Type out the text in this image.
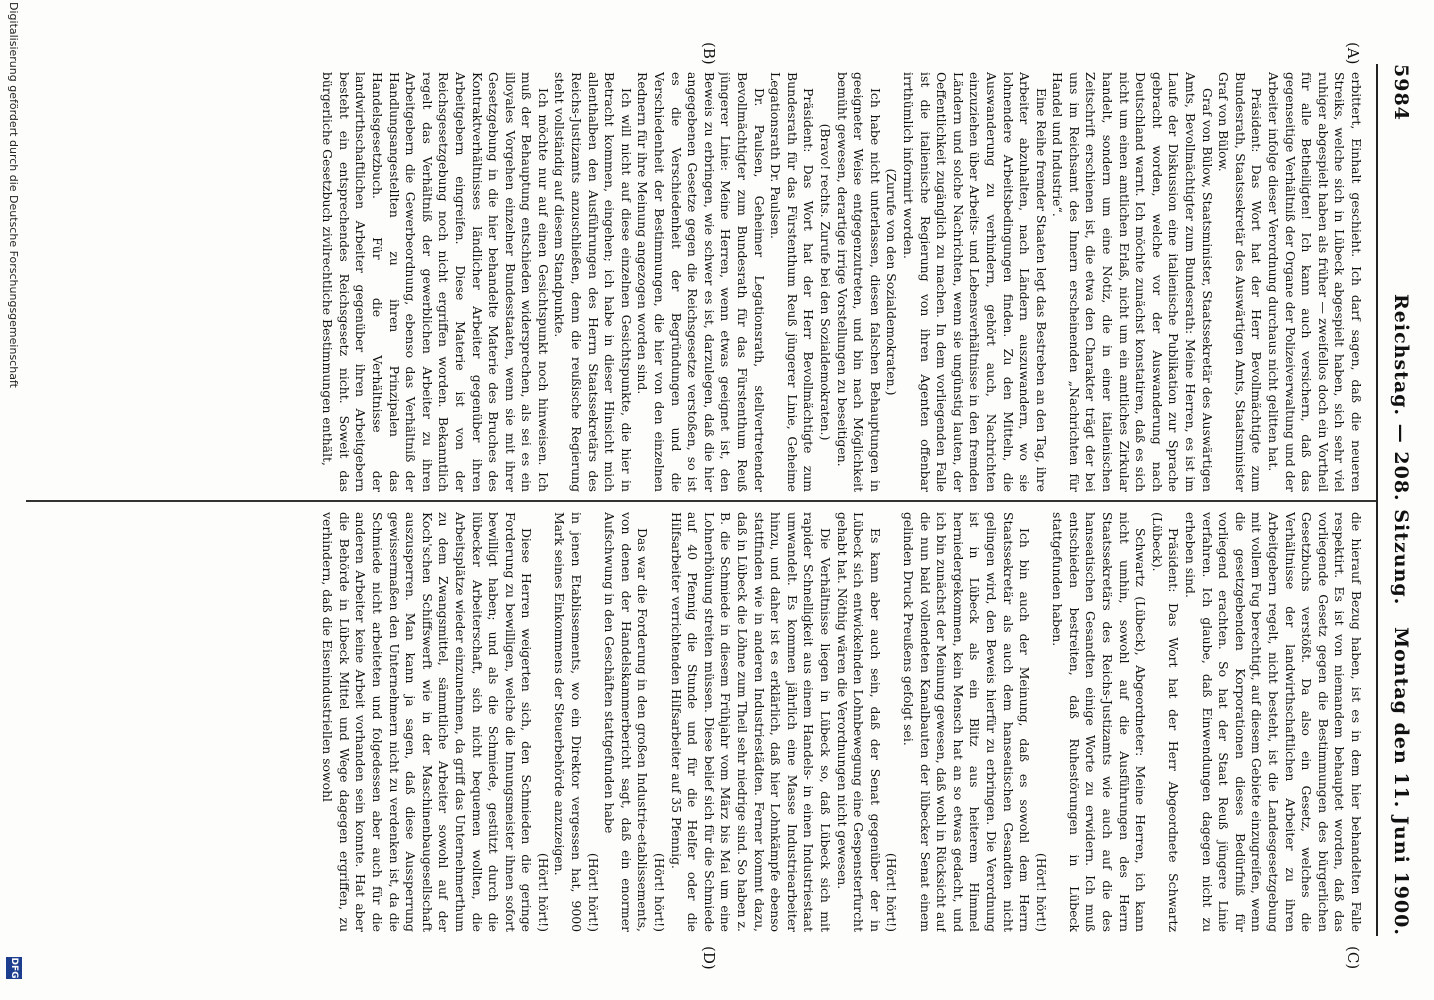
5984
Reichstag. — 208. Sitzung.
Montag den 11. Juni 1900.
(A)
(B)
(C)
(D)

erbittert, Einhalt geschieht. Ich darf sagen, daß die neueren Streiks, welche sich in Lübeck abgespielt haben, sich sehr viel ruhiger abgespielt haben als früher — zweifellos doch ein Vortheil für alle Betheiligten! Ich kann auch versichern, daß das gegenseitige Verhältniß der Organe der Polizeiverwaltung und der Arbeiter infolge dieser Verordnung durchaus nicht gelitten hat.

Präsident: Das Wort hat der Herr Bevollmächtigte zum Bundesrath, Staatssekretär des Auswärtigen Amts, Staatsminister Graf von Bülow.

Graf von Bülow, Staatsminister, Staatssekretär des Auswärtigen Amts, Bevollmächtigter zum Bundesrath: Meine Herren, es ist im Laufe der Diskussion eine italienische Publikation zur Sprache gebracht worden, welche vor der Auswanderung nach Deutschland warnt. Ich möchte zunächst konstatiren, daß es sich nicht um einen amtlichen Erlaß, nicht um ein amtliches Zirkular handelt, sondern um eine Notiz, die in einer italienischen Zeitschrift erschienen ist, die etwa den Charakter trägt der bei uns im Reichsamt des Innern erscheinenden „Nachrichten für Handel und Industrie“.

Eine Reihe fremder Staaten legt das Bestreben an den Tag, ihre Arbeiter abzuhalten, nach Ländern auszuwandern, wo sie lohnendere Arbeitsbedingungen finden. Zu den Mitteln, die Auswanderung zu verhindern, gehört auch, Nachrichten einzuziehen über Arbeits- und Lebensverhältnisse in den fremden Ländern und solche Nachrichten, wenn sie ungünstig lauten, der Oeffentlichkeit zugänglich zu machen. In dem vorliegenden Falle ist die italienische Regierung von ihren Agenten offenbar irrthümlich informirt worden.

(Zurufe von den Sozialdemokraten.)

Ich habe nicht unterlassen, diesen falschen Behauptungen in geeigneter Weise entgegenzutreten, und bin nach Möglichkeit bemüht gewesen, derartige irrige Vorstellungen zu beseitigen.

(Bravo! rechts. Zurufe bei den Sozialdemokraten.)

Präsident: Das Wort hat der Herr Bevollmächtigte zum Bundesrath für das Fürstenthum Reuß jüngerer Linie, Geheime Legationsrath Dr. Paulsen.

Dr. Paulsen, Geheimer Legationsrath, stellvertretender Bevollmächtigter zum Bundesrath für das Fürstenthum Reuß jüngerer Linie: Meine Herren, wenn etwas geeignet ist, den Beweis zu erbringen, wie schwer es ist, darzulegen, daß die hier angegebenen Gesetze gegen die Reichsgesetze verstoßen, so ist es die Verschiedenheit der Begründungen und die Verschiedenheit der Bestimmungen, die hier von den einzelnen Rednern für ihre Meinung angezogen worden sind.

Ich will nicht auf diese einzelnen Gesichtspunkte, die hier in Betracht kommen, eingehen; ich habe in dieser Hinsicht mich allenthalben den Ausführungen des Herrn Staatssekretärs des Reichs-Justizamts anzuschließen, denn die reußische Regierung steht vollständig auf diesem Standpunkte.

Ich möchte nur auf einen Gesichtspunkt noch hinweisen. Ich muß der Behauptung entschieden widersprechen, als sei es ein illoyales Vorgehen einzelner Bundesstaaten, wenn sie mit ihrer Gesetzgebung in die hier behandelte Materie des Bruches des Kontraktverhältnisses ländlicher Arbeiter gegenüber ihren Arbeitgebern eingreifen. Diese Materie ist von der Reichsgesetzgebung noch nicht ergriffen worden. Bekanntlich regelt das Verhältniß der gewerblichen Arbeiter zu ihren Arbeitgebern die Gewerbeordnung, ebenso das Verhältniß der Handlungsangestellten zu ihren Prinzipalen das Handelsgesetzbuch. Für die Verhältnisse der landwirthschaftlichen Arbeiter gegenüber ihren Arbeitgebern besteht ein entsprechendes Reichsgesetz nicht. Soweit das bürgerliche Gesetzbuch zivilrechtliche Bestimmungen enthält,

die hierauf Bezug haben, ist es in dem hier behandelten Falle respektirt. Es ist von niemandem behauptet worden, daß das vorliegende Gesetz gegen die Bestimmungen des bürgerlichen Gesetzbuchs verstößt. Da also ein Gesetz, welches die Verhältnisse der landwirthschaftlichen Arbeiter zu ihren Arbeitgebern regelt, nicht besteht, ist die Landesgesetzgebung mit vollem Fug berechtigt, auf diesem Gebiete einzugreifen, wenn die gesetzgebenden Korporationen dieses Bedürfniß für vorliegend erachten. So hat der Staat Reuß jüngere Linie verfahren. Ich glaube, daß Einwendungen dagegen nicht zu erheben sind.

Präsident: Das Wort hat der Herr Abgeordnete Schwartz (Lübeck).

Schwartz (Lübeck), Abgeordneter: Meine Herren, ich kann nicht umhin, sowohl auf die Ausführungen des Herrn Staatssekretärs des Reichs-Justizamts wie auch auf die des hanseatischen Gesandten einige Worte zu erwidern. Ich muß entschieden bestreiten, daß Ruhestörungen in Lübeck stattgefunden haben.

(Hört! hört!)

Ich bin auch der Meinung, daß es sowohl dem Herrn Staatssekretär als auch dem hanseatischen Gesandten nicht gelingen wird, den Beweis hierfür zu erbringen. Die Verordnung ist in Lübeck als ein Blitz aus heiterem Himmel herniedergekommen, kein Mensch hat an so etwas gedacht, und ich bin zunächst der Meinung gewesen, daß wohl in Rücksicht auf die nun bald vollendeten Kanalbauten der lübecker Senat einem gelinden Druck Preußens gefolgt sei.

(Hört! hört!)

Es kann aber auch sein, daß der Senat gegenüber der in Lübeck sich entwickelnden Lohnbewegung eine Gespensterfurcht gehabt hat. Nöthig wären die Verordnungen nicht gewesen.

Die Verhältnisse liegen in Lübeck so, daß Lübeck sich mit rapider Schnelligkeit aus einem Handels- in einen Industriestaat umwandelt. Es kommen jährlich eine Masse Industriearbeiter hinzu, und daher ist es erklärlich, daß hier Lohnkämpfe ebenso stattfinden wie in anderen Industriestädten. Ferner kommt dazu, daß in Lübeck die Löhne zum Theil sehr niedrige sind. So haben z. B. die Schmiede in diesem Frühjahr vom März bis Mai um eine Lohnerhöhung streiten müssen. Diese belief sich für die Schmiede auf 40 Pfennig die Stunde und für die Helfer oder die Hilfsarbeiter verrichtenden Hilfsarbeiter auf 35 Pfennig.

(Hört! hört!)

Das war die Forderung in den großen Industrie-etablissements, von denen der Handelskammerbericht sagt, daß ein enormer Aufschwung in den Geschäften stattgefunden habe

(Hört! hört!)

in jenen Etablissements, wo ein Direktor vergessen hat, 9000 Mark seines Einkommens der Steuerbehörde anzuzeigen.

(Hört! hört!)

Diese Herren weigerten sich, den Schmieden die geringe Forderung zu bewilligen, welche die Innungsmeister ihnen sofort bewilligt haben; und als die Schmiede, gestützt durch die lübecker Arbeiterschaft, sich nicht bequemen wollten, die Arbeitsplätze wieder einzunehmen, da griff das Unternehmerthum zu dem Zwangsmittel, sämmtliche Arbeiter sowohl auf der Koch'schen Schiffswerft wie in der Maschinenbaugesellschaft auszusperren. Man kann ja sagen, daß diese Aussperrung gewissermaßen den Unternehmern nicht zu verdenken ist, da die Schmiede nicht arbeiteten und folgedessen aber auch für die anderen Arbeiter keine Arbeit vorhanden sein konnte. Hat aber die Behörde in Lübeck Mittel und Wege dagegen ergriffen, zu verhindern, daß die Eisenindustriellen sowohl

Digitalisierung gefördert durch die Deutsche Forschungsgemeinschaft
DFG
